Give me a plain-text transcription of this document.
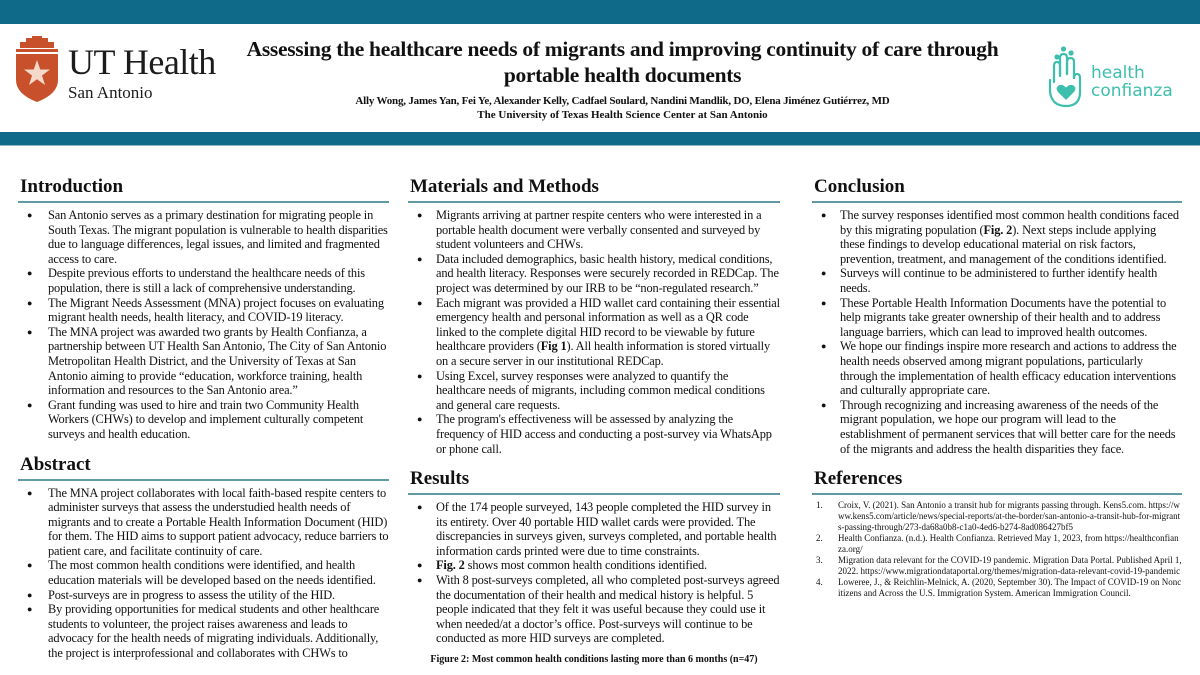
UT Health
San Antonio
Assessing the healthcare needs of migrants and improving continuity of care through portable health documents
Ally Wong, James Yan, Fei Ye, Alexander Kelly, Cadfael Soulard, Nandini Mandlik, DO, Elena Jiménez Gutiérrez, MD
The University of Texas Health Science Center at San Antonio
health
confianza
Introduction
● San Antonio serves as a primary destination for migrating people in South Texas. The migrant population is vulnerable to health disparities due to language differences, legal issues, and limited and fragmented access to care.
● Despite previous efforts to understand the healthcare needs of this population, there is still a lack of comprehensive understanding.
● The Migrant Needs Assessment (MNA) project focuses on evaluating migrant health needs, health literacy, and COVID-19 literacy.
● The MNA project was awarded two grants by Health Confianza, a partnership between UT Health San Antonio, The City of San Antonio Metropolitan Health District, and the University of Texas at San Antonio aiming to provide “education, workforce training, health information and resources to the San Antonio area.”
● Grant funding was used to hire and train two Community Health Workers (CHWs) to develop and implement culturally competent surveys and health education.
Abstract
● The MNA project collaborates with local faith-based respite centers to administer surveys that assess the understudied health needs of migrants and to create a Portable Health Information Document (HID) for them. The HID aims to support patient advocacy, reduce barriers to patient care, and facilitate continuity of care.
● The most common health conditions were identified, and health education materials will be developed based on the needs identified.
● Post-surveys are in progress to assess the utility of the HID.
● By providing opportunities for medical students and other healthcare students to volunteer, the project raises awareness and leads to advocacy for the health needs of migrating individuals. Additionally, the project is interprofessional and collaborates with CHWs to
Materials and Methods
● Migrants arriving at partner respite centers who were interested in a portable health document were verbally consented and surveyed by student volunteers and CHWs.
● Data included demographics, basic health history, medical conditions, and health literacy. Responses were securely recorded in REDCap. The project was determined by our IRB to be “non-regulated research.”
● Each migrant was provided a HID wallet card containing their essential emergency health and personal information as well as a QR code linked to the complete digital HID record to be viewable by future healthcare providers (Fig 1). All health information is stored virtually on a secure server in our institutional REDCap.
● Using Excel, survey responses were analyzed to quantify the healthcare needs of migrants, including common medical conditions and general care requests.
● The program's effectiveness will be assessed by analyzing the frequency of HID access and conducting a post-survey via WhatsApp or phone call.
Results
● Of the 174 people surveyed, 143 people completed the HID survey in its entirety. Over 40 portable HID wallet cards were provided. The discrepancies in surveys given, surveys completed, and portable health information cards printed were due to time constraints.
● Fig. 2 shows most common health conditions identified.
● With 8 post-surveys completed, all who completed post-surveys agreed the documentation of their health and medical history is helpful. 5 people indicated that they felt it was useful because they could use it when needed/at a doctor’s office. Post-surveys will continue to be conducted as more HID surveys are completed.
Figure 2: Most common health conditions lasting more than 6 months (n=47)
Conclusion
● The survey responses identified most common health conditions faced by this migrating population (Fig. 2). Next steps include applying these findings to develop educational material on risk factors, prevention, treatment, and management of the conditions identified.
● Surveys will continue to be administered to further identify health needs.
● These Portable Health Information Documents have the potential to help migrants take greater ownership of their health and to address language barriers, which can lead to improved health outcomes.
● We hope our findings inspire more research and actions to address the health needs observed among migrant populations, particularly through the implementation of health efficacy education interventions and culturally appropriate care.
● Through recognizing and increasing awareness of the needs of the migrant population, we hope our program will lead to the establishment of permanent services that will better care for the needs of the migrants and address the health disparities they face.
References
1. Croix, V. (2021). San Antonio a transit hub for migrants passing through. Kens5.com. https://www.kens5.com/article/news/special-reports/at-the-border/san-antonio-a-transit-hub-for-migrants-passing-through/273-da68a0b8-c1a0-4ed6-b274-8ad086427bf5
2. Health Confianza. (n.d.). Health Confianza. Retrieved May 1, 2023, from https://healthconfianza.org/
3. Migration data relevant for the COVID-19 pandemic. Migration Data Portal. Published April 1, 2022. https://www.migrationdataportal.org/themes/migration-data-relevant-covid-19-pandemic
4. Loweree, J., & Reichlin-Melnick, A. (2020, September 30). The Impact of COVID-19 on Noncitizens and Across the U.S. Immigration System. American Immigration Council.
